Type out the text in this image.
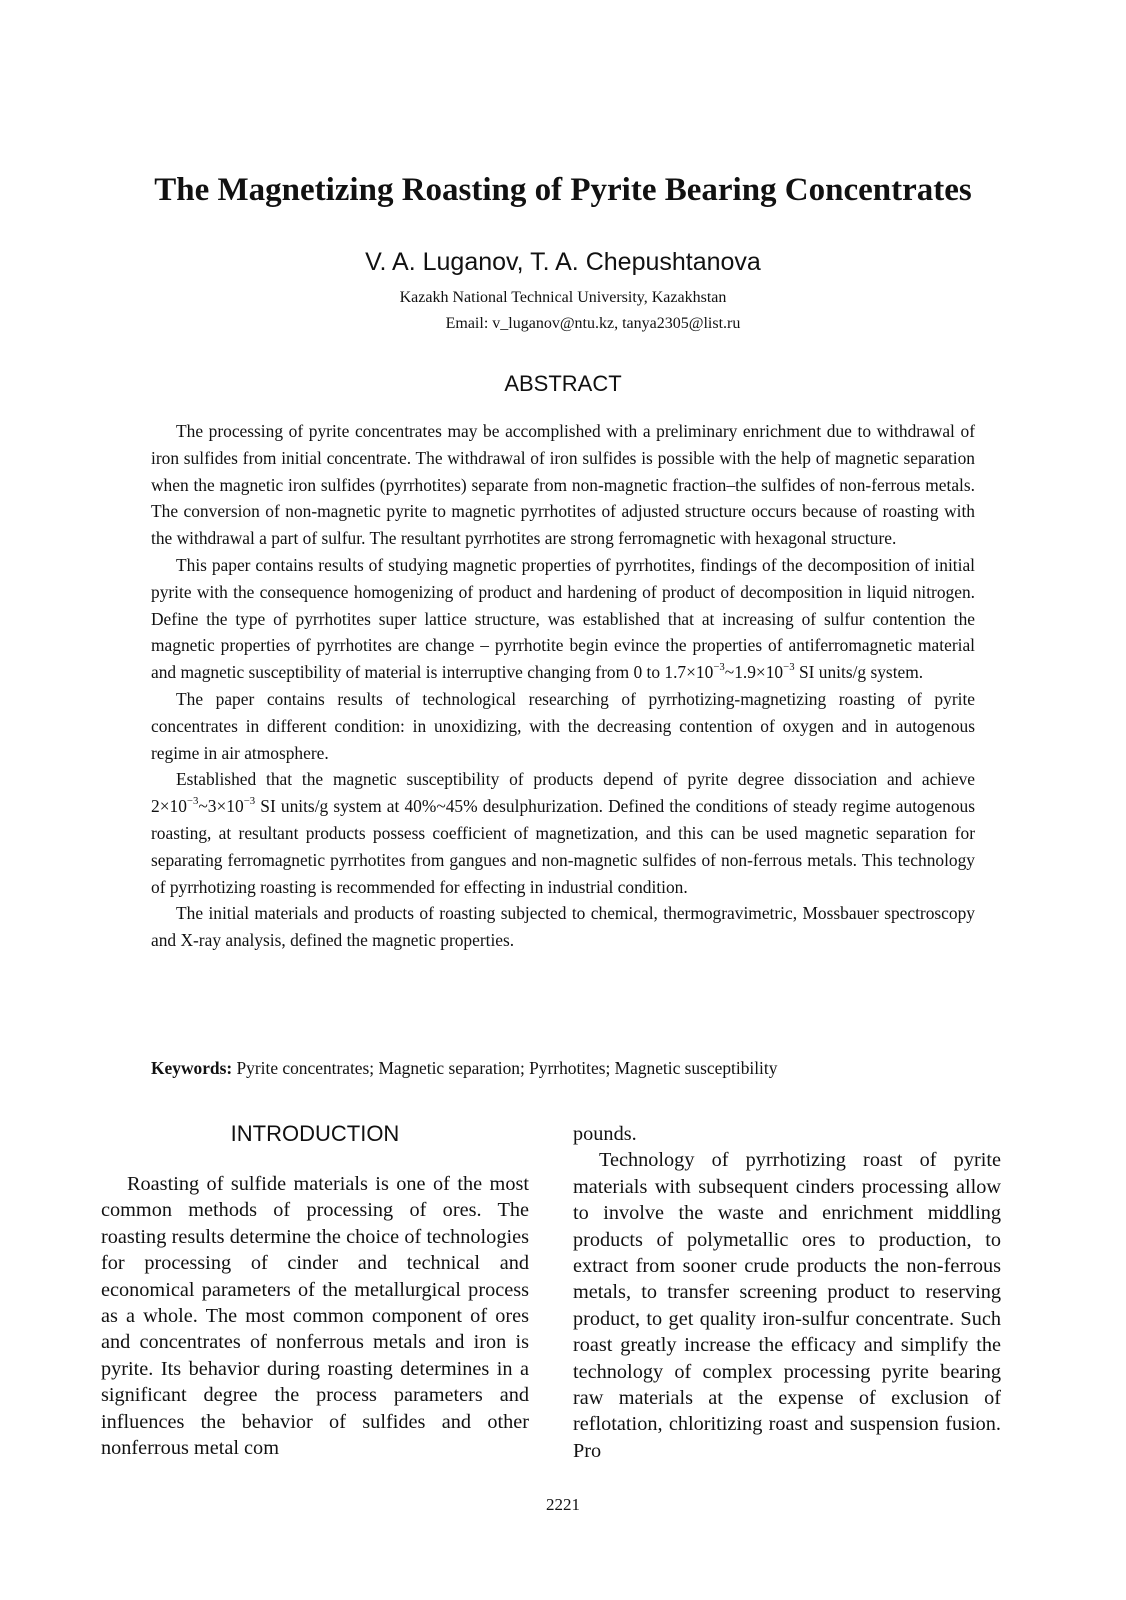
The Magnetizing Roasting of Pyrite Bearing Concentrates

V. A. Luganov, T. A. Chepushtanova

Kazakh National Technical University, Kazakhstan

Email: v_luganov@ntu.kz, tanya2305@list.ru

ABSTRACT

The processing of pyrite concentrates may be accomplished with a preliminary enrichment due to withdrawal of iron sulfides from initial concentrate. The withdrawal of iron sulfides is possible with the help of magnetic separation when the magnetic iron sulfides (pyrrhotites) separate from non-magnetic fraction–the sulfides of non-ferrous metals. The conversion of non-magnetic pyrite to magnetic pyrrhotites of adjusted structure occurs because of roasting with the withdrawal a part of sulfur. The resultant pyrrhotites are strong ferromagnetic with hexagonal structure.

This paper contains results of studying magnetic properties of pyrrhotites, findings of the decomposition of initial pyrite with the consequence homogenizing of product and hardening of product of decomposition in liquid nitrogen. Define the type of pyrrhotites super lattice structure, was established that at increasing of sulfur contention the magnetic properties of pyrrhotites are change – pyrrhotite begin evince the properties of antiferromagnetic material and magnetic susceptibility of material is interruptive changing from 0 to $1.7\times 10^{-3}\sim 1.9\times 10^{-3}$ SI units/g system.

The paper contains results of technological researching of pyrrhotizing-magnetizing roasting of pyrite concentrates in different condition: in unoxidizing, with the decreasing contention of oxygen and in autogenous regime in air atmosphere.

Established that the magnetic susceptibility of products depend of pyrite degree dissociation and achieve $2\times 10^{-3}\sim 3\times 10^{-3}$ SI units/g system at 40%~45% desulphurization. Defined the conditions of steady regime autogenous roasting, at resultant products possess coefficient of magnetization, and this can be used magnetic separation for separating ferromagnetic pyrrhotites from gangues and non-magnetic sulfides of non-ferrous metals. This technology of pyrrhotizing roasting is recommended for effecting in industrial condition.

The initial materials and products of roasting subjected to chemical, thermogravimetric, Mossbauer spectroscopy and X-ray analysis, defined the magnetic properties.

Keywords: Pyrite concentrates; Magnetic separation; Pyrrhotites; Magnetic susceptibility

INTRODUCTION

Roasting of sulfide materials is one of the most common methods of processing of ores. The roasting results determine the choice of technologies for processing of cinder and technical and economical parameters of the metallurgical process as a whole. The most common component of ores and concentrates of nonferrous metals and iron is pyrite. Its behavior during roasting determines in a significant degree the process parameters and influences the behavior of sulfides and other nonferrous metal com

pounds.

Technology of pyrrhotizing roast of pyrite materials with subsequent cinders processing allow to involve the waste and enrichment middling products of polymetallic ores to production, to extract from sooner crude products the non-ferrous metals, to transfer screening product to reserving product, to get quality iron-sulfur concentrate. Such roast greatly increase the efficacy and simplify the technology of complex processing pyrite bearing raw materials at the expense of exclusion of reflotation, chloritizing roast and suspension fusion. Pro

2221
